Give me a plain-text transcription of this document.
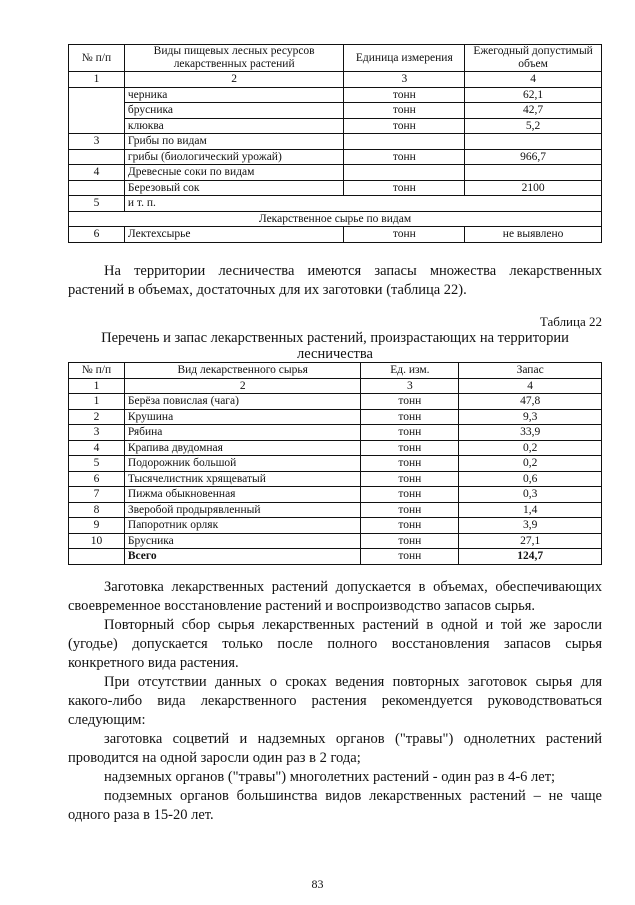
№ п/п	Виды пищевых лесных ресурсов лекарственных растений	Единица измерения	Ежегодный допустимый объем
1	2	3	4
	черника	тонн	62,1
	брусника	тонн	42,7
	клюква	тонн	5,2
3	Грибы по видам		
	грибы (биологический урожай)	тонн	966,7
4	Древесные соки по видам		
	Березовый сок	тонн	2100
5	и т. п.		
Лекарственное сырье по видам			
6	Лектехсырье	тонн	не выявлено

На территории лесничества имеются запасы множества лекарственных растений в объемах, достаточных для их заготовки (таблица 22).

Таблица 22

Перечень и запас лекарственных растений, произрастающих на территории лесничества

№ п/п	Вид лекарственного сырья	Ед. изм.	Запас
1	2	3	4
1	Берёза повислая (чага)	тонн	47,8
2	Крушина	тонн	9,3
3	Рябина	тонн	33,9
4	Крапива двудомная	тонн	0,2
5	Подорожник большой	тонн	0,2
6	Тысячелистник хрящеватый	тонн	0,6
7	Пижма обыкновенная	тонн	0,3
8	Зверобой продырявленный	тонн	1,4
9	Папоротник орляк	тонн	3,9
10	Брусника	тонн	27,1
	Всего	тонн	124,7

Заготовка лекарственных растений допускается в объемах, обеспечивающих своевременное восстановление растений и воспроизводство запасов сырья.

Повторный сбор сырья лекарственных растений в одной и той же заросли (угодье) допускается только после полного восстановления запасов сырья конкретного вида растения.

При отсутствии данных о сроках ведения повторных заготовок сырья для какого-либо вида лекарственного растения рекомендуется руководствоваться следующим:

заготовка соцветий и надземных органов ("травы") однолетних растений проводится на одной заросли один раз в 2 года;

надземных органов ("травы") многолетних растений - один раз в 4-6 лет;

подземных органов большинства видов лекарственных растений – не чаще одного раза в 15-20 лет.

83
